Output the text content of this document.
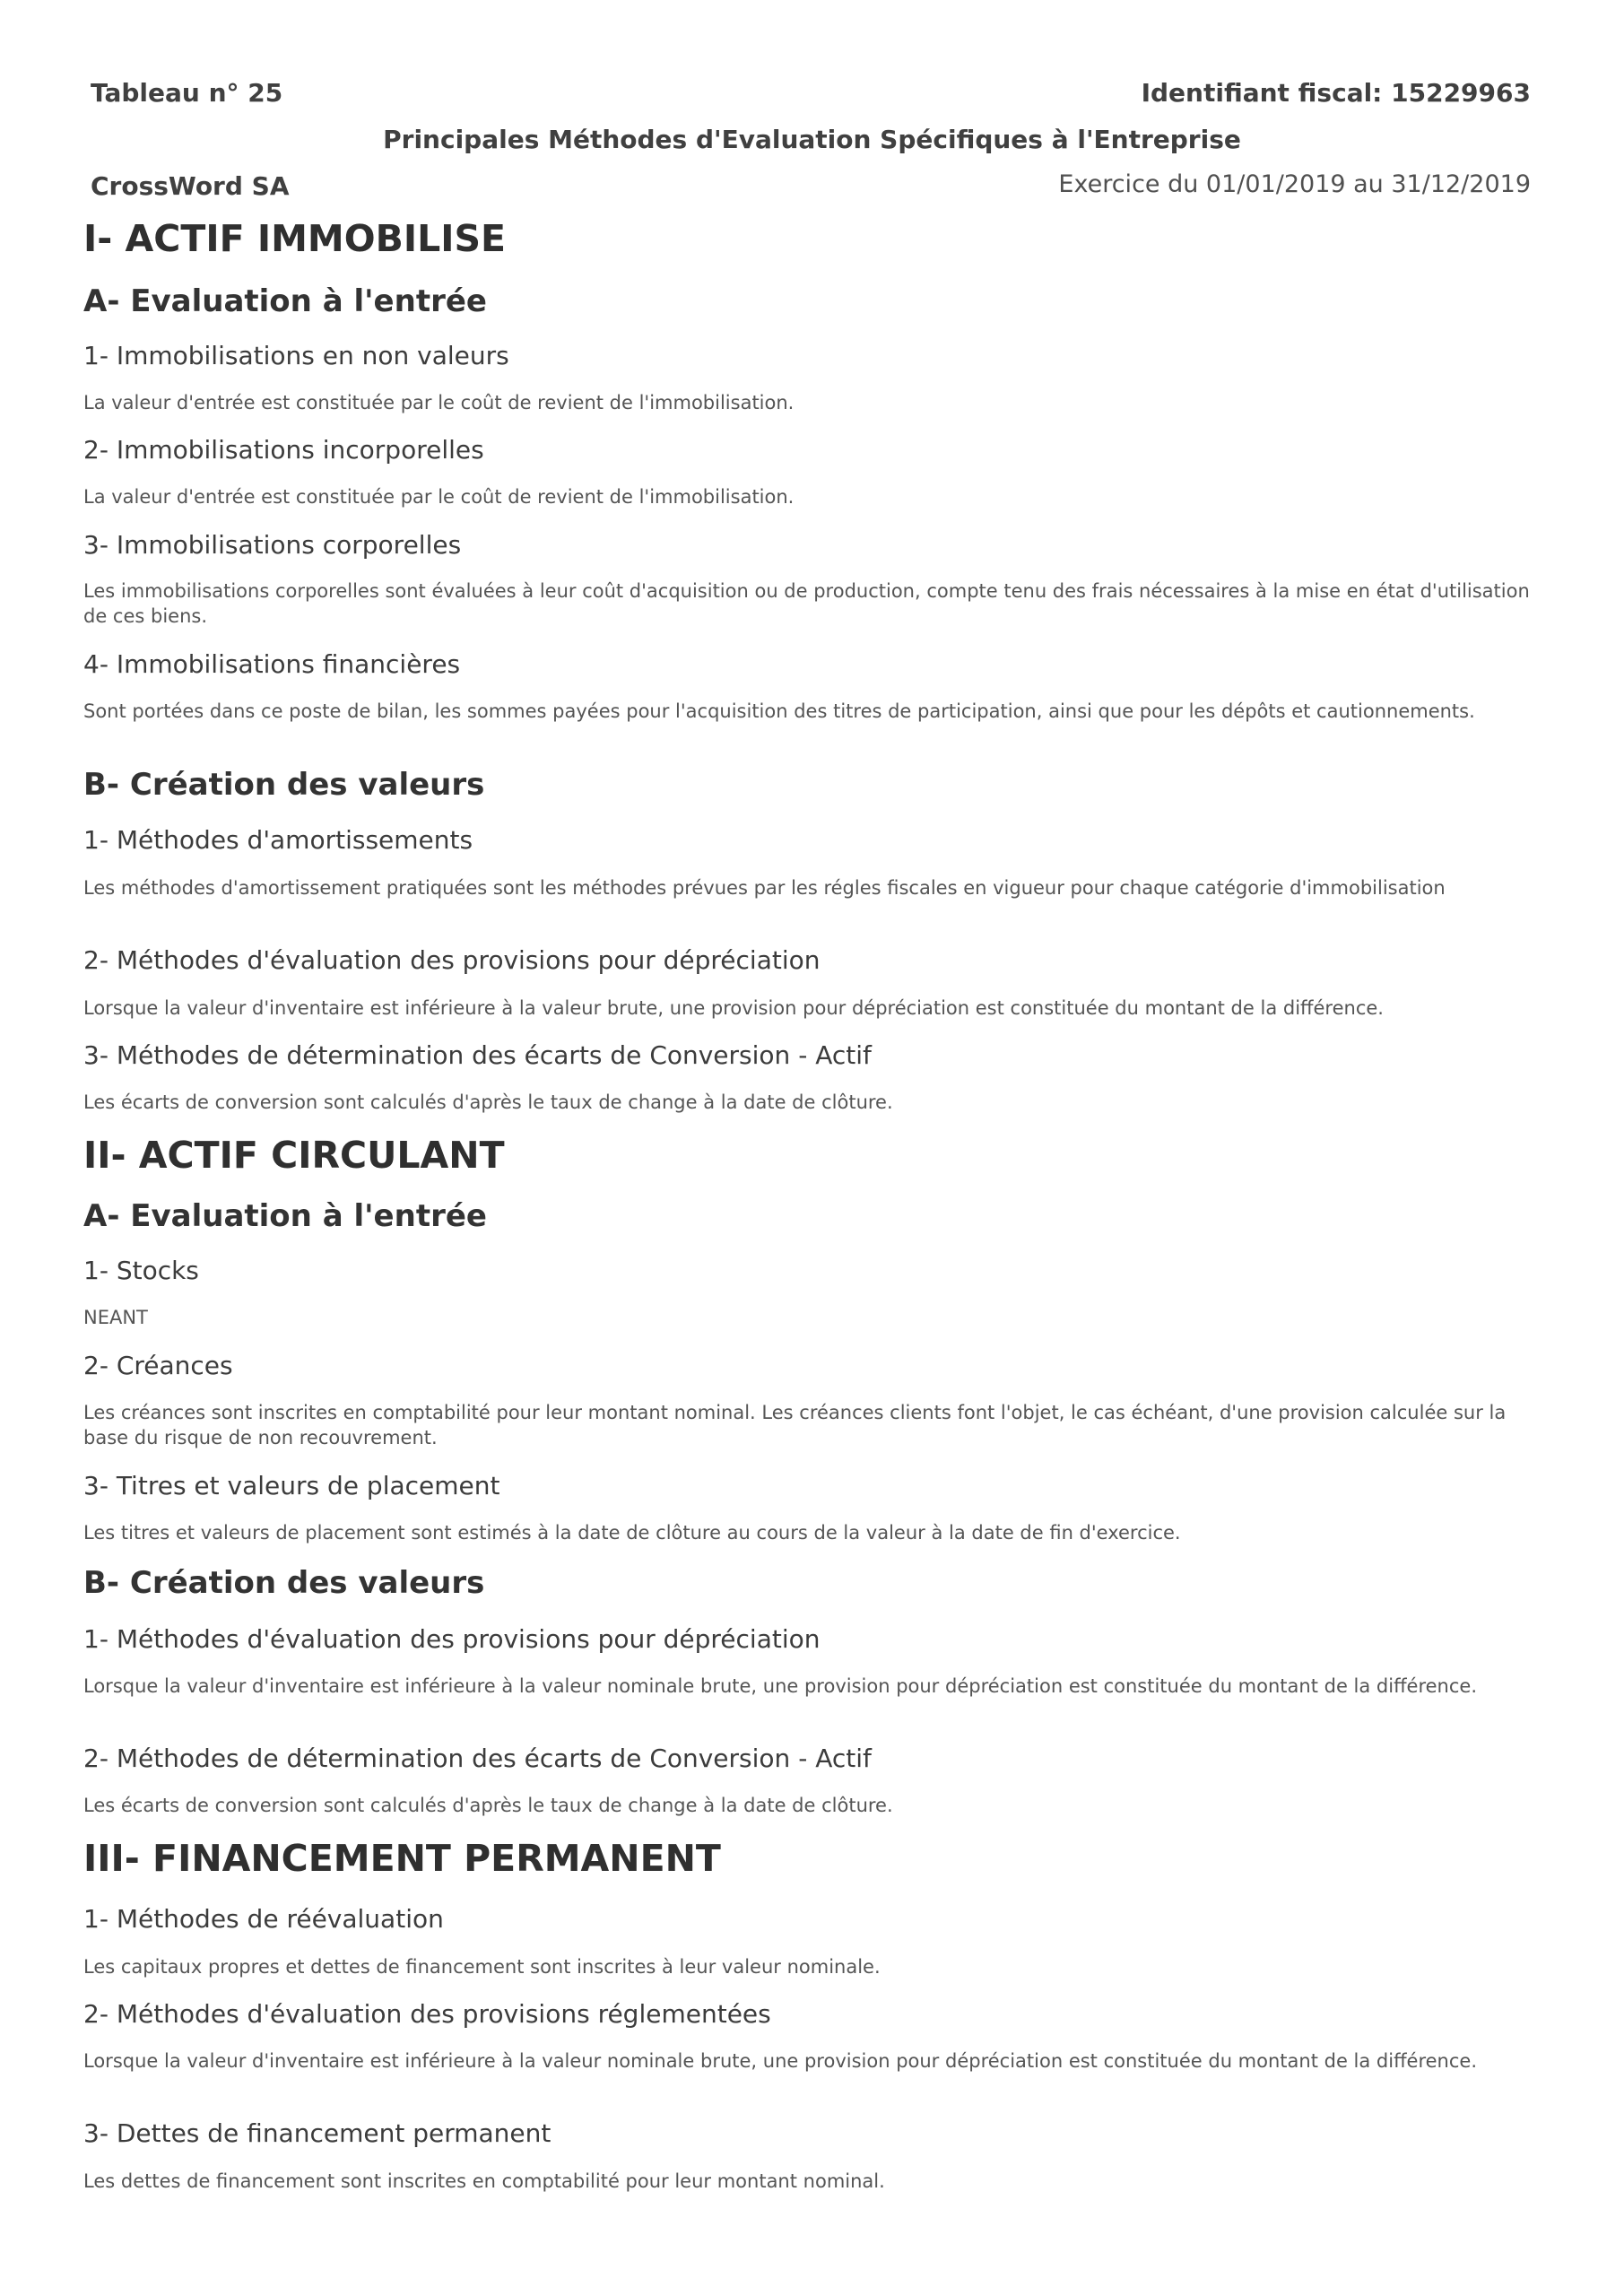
Tableau n° 25	Identifiant fiscal: 15229963
Principales Méthodes d'Evaluation Spécifiques à l'Entreprise
CrossWord SA	Exercice du 01/01/2019 au 31/12/2019
I- ACTIF IMMOBILISE
A- Evaluation à l'entrée
1- Immobilisations en non valeurs

La valeur d'entrée est constituée par le coût de revient de l'immobilisation.

2- Immobilisations incorporelles

La valeur d'entrée est constituée par le coût de revient de l'immobilisation.

3- Immobilisations corporelles

Les immobilisations corporelles sont évaluées à leur coût d'acquisition ou de production, compte tenu des frais nécessaires à la mise en état d'utilisation de ces biens.

4- Immobilisations financières

Sont portées dans ce poste de bilan, les sommes payées pour l'acquisition des titres de participation, ainsi que pour les dépôts et cautionnements.

B- Création des valeurs
1- Méthodes d'amortissements

Les méthodes d'amortissement pratiquées sont les méthodes prévues par les régles fiscales en vigueur pour chaque catégorie d'immobilisation

2- Méthodes d'évaluation des provisions pour dépréciation

Lorsque la valeur d'inventaire est inférieure à la valeur brute, une provision pour dépréciation est constituée du montant de la différence.

3- Méthodes de détermination des écarts de Conversion - Actif

Les écarts de conversion sont calculés d'après le taux de change à la date de clôture.

II- ACTIF CIRCULANT
A- Evaluation à l'entrée
1- Stocks

NEANT

2- Créances

Les créances sont inscrites en comptabilité pour leur montant nominal. Les créances clients font l'objet, le cas échéant, d'une provision calculée sur la base du risque de non recouvrement.

3- Titres et valeurs de placement

Les titres et valeurs de placement sont estimés à la date de clôture au cours de la valeur à la date de fin d'exercice.

B- Création des valeurs
1- Méthodes d'évaluation des provisions pour dépréciation

Lorsque la valeur d'inventaire est inférieure à la valeur nominale brute, une provision pour dépréciation est constituée du montant de la différence.

2- Méthodes de détermination des écarts de Conversion - Actif

Les écarts de conversion sont calculés d'après le taux de change à la date de clôture.

III- FINANCEMENT PERMANENT
1- Méthodes de réévaluation

Les capitaux propres et dettes de financement sont inscrites à leur valeur nominale.

2- Méthodes d'évaluation des provisions réglementées

Lorsque la valeur d'inventaire est inférieure à la valeur nominale brute, une provision pour dépréciation est constituée du montant de la différence.

3- Dettes de financement permanent

Les dettes de financement sont inscrites en comptabilité pour leur montant nominal.
